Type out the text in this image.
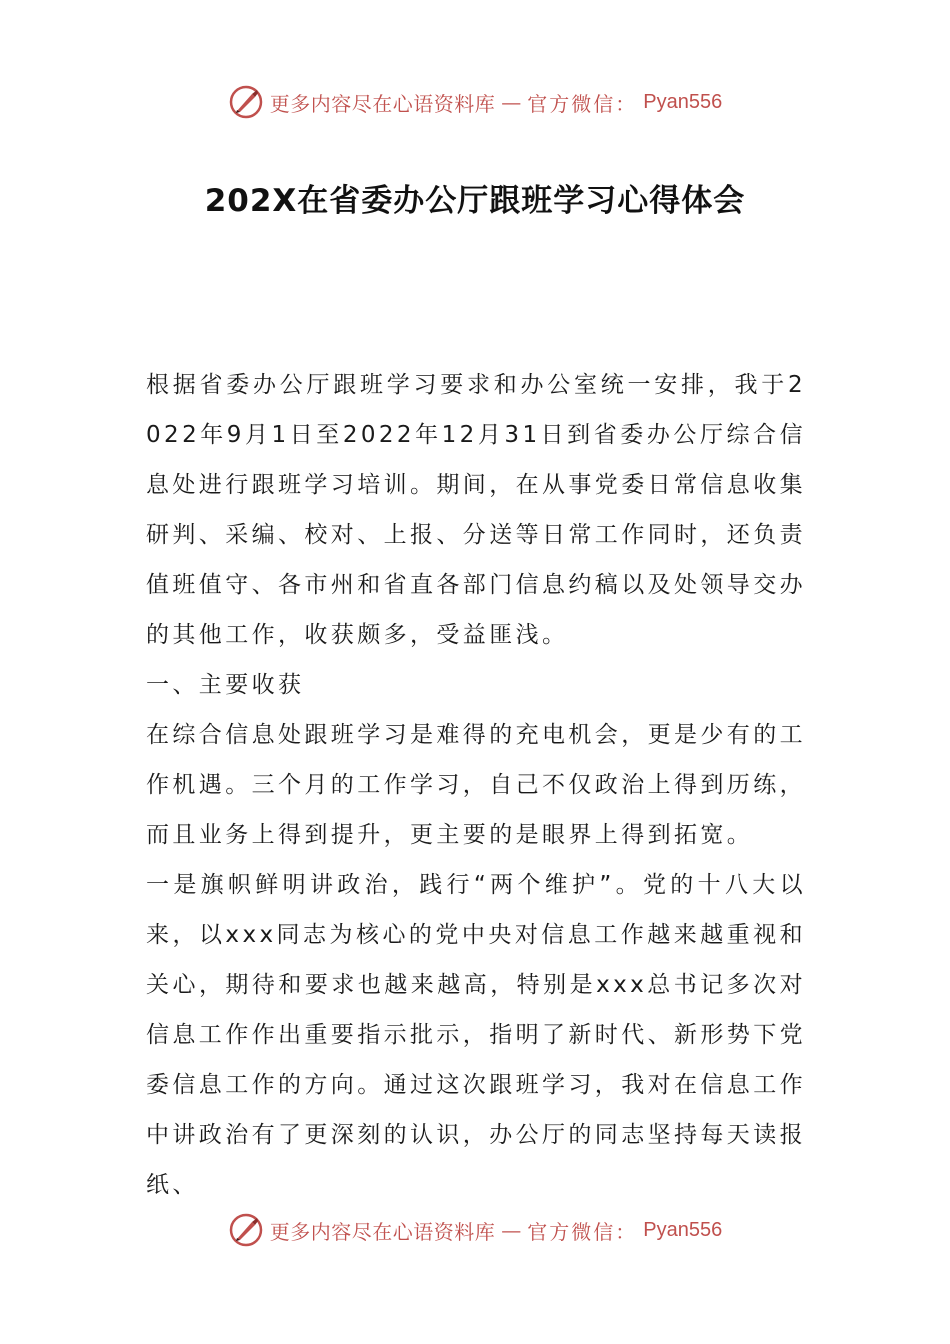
更多内容尽在心语资料库 — 官方微信： Pyan556
202X在省委办公厅跟班学习心得体会

根据省委办公厅跟班学习要求和办公室统一安排，我于2022年9月1日至2022年12月31日到省委办公厅综合信息处进行跟班学习培训。期间，在从事党委日常信息收集研判、采编、校对、上报、分送等日常工作同时，还负责值班值守、各市州和省直各部门信息约稿以及处领导交办的其他工作，收获颇多，受益匪浅。

一、主要收获

在综合信息处跟班学习是难得的充电机会，更是少有的工作机遇。三个月的工作学习，自己不仅政治上得到历练，而且业务上得到提升，更主要的是眼界上得到拓宽。

一是旗帜鲜明讲政治，践行“两个维护”。党的十八大以来，以xxx同志为核心的党中央对信息工作越来越重视和关心，期待和要求也越来越高，特别是xxx总书记多次对信息工作作出重要指示批示，指明了新时代、新形势下党委信息工作的方向。通过这次跟班学习，我对在信息工作中讲政治有了更深刻的认识，办公厅的同志坚持每天读报纸、

更多内容尽在心语资料库 — 官方微信： Pyan556
